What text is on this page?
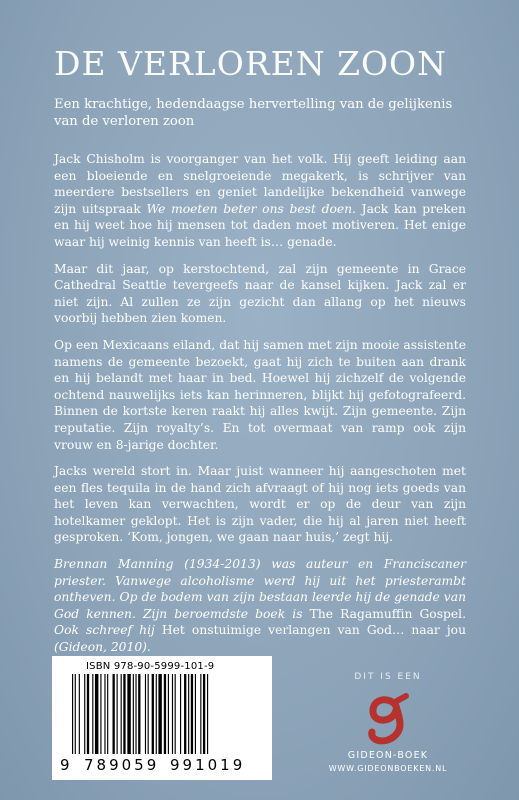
DE VERLOREN ZOON

Een krachtige, hedendaagse hervertelling van de gelijkenis van de verloren zoon

Jack Chisholm is voorganger van het volk. Hij geeft leiding aan een bloeiende en snelgroeiende megakerk, is schrijver van meerdere bestsellers en geniet landelijke bekendheid vanwege zijn uitspraak We moeten beter ons best doen. Jack kan preken en hij weet hoe hij mensen tot daden moet motiveren. Het enige waar hij weinig kennis van heeft is… genade.

Maar dit jaar, op kerstochtend, zal zijn gemeente in Grace Cathedral Seattle tevergeefs naar de kansel kijken. Jack zal er niet zijn. Al zullen ze zijn gezicht dan allang op het nieuws voorbij hebben zien komen.

Op een Mexicaans eiland, dat hij samen met zijn mooie assistente namens de gemeente bezoekt, gaat hij zich te buiten aan drank en hij belandt met haar in bed. Hoewel hij zichzelf de volgende ochtend nauwelijks iets kan herinneren, blijkt hij gefotografeerd. Binnen de kortste keren raakt hij alles kwijt. Zijn gemeente. Zijn reputatie. Zijn royalty’s. En tot overmaat van ramp ook zijn vrouw en 8-jarige dochter.

Jacks wereld stort in. Maar juist wanneer hij aangeschoten met een fles tequila in de hand zich afvraagt of hij nog iets goeds van het leven kan verwachten, wordt er op de deur van zijn hotelkamer geklopt. Het is zijn vader, die hij al jaren niet heeft gesproken. ‘Kom, jongen, we gaan naar huis,’ zegt hij.

Brennan Manning (1934-2013) was auteur en Franciscaner priester. Vanwege alcoholisme werd hij uit het priesterambt ontheven. Op de bodem van zijn bestaan leerde hij de genade van God kennen. Zijn beroemdste boek is The Ragamuffin Gospel. Ook schreef hij Het onstuimige verlangen van God… naar jou (Gideon, 2010).

ISBN 978-90-5999-101-9
9 789059 991019
DIT IS EEN
GIDEON-BOEK
WWW.GIDEONBOEKEN.NL
